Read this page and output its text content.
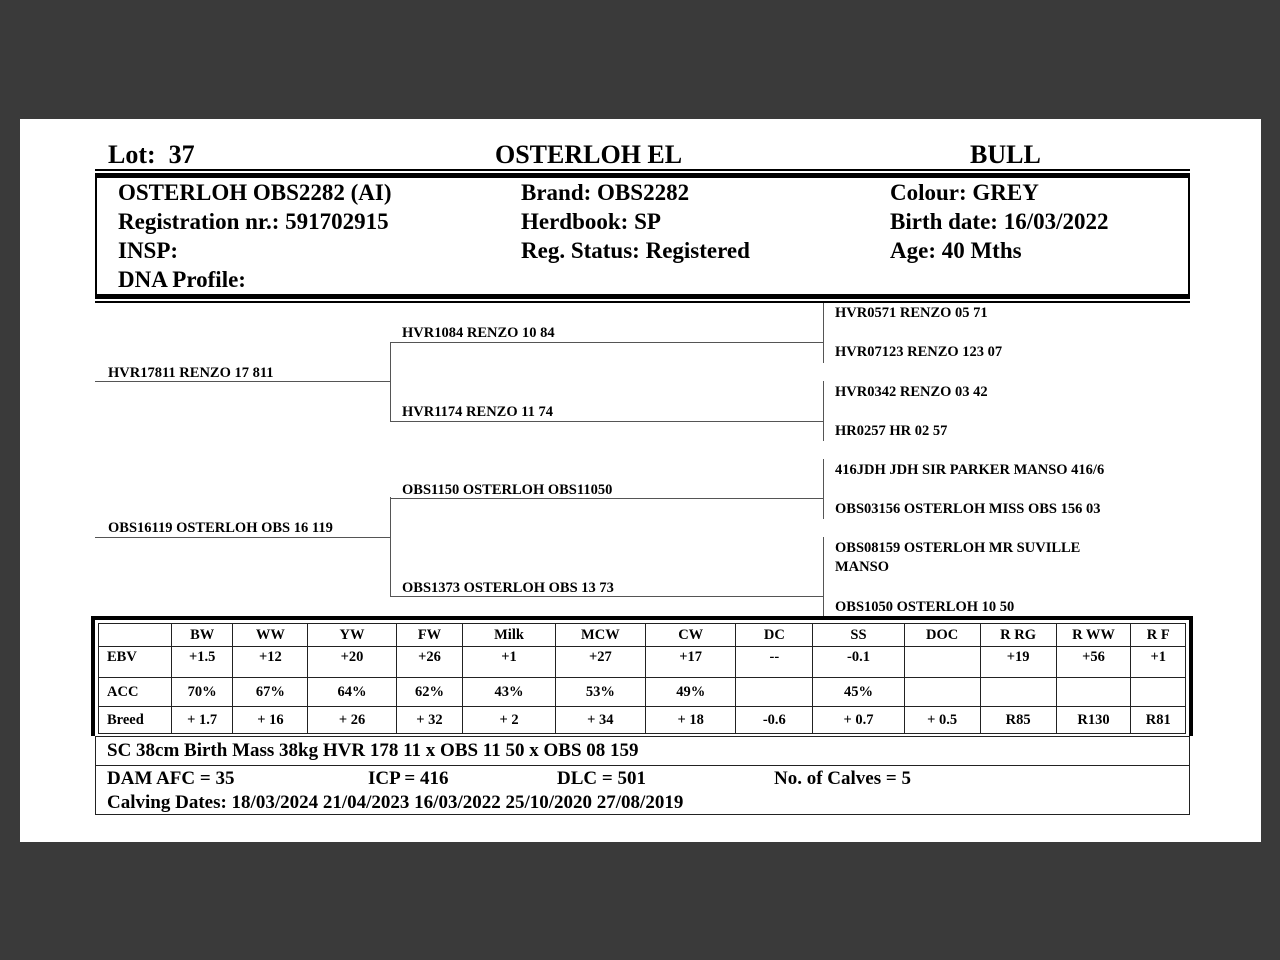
Lot: 37	OSTERLOH EL	BULL
OSTERLOH OBS2282 (AI)
Registration nr.: 591702915
INSP:
DNA Profile:
Brand: OBS2282
Herdbook: SP
Reg. Status: Registered
Colour: GREY
Birth date: 16/03/2022
Age: 40 Mths
HVR17811 RENZO 17 811
OBS16119 OSTERLOH OBS 16 119
HVR1084 RENZO 10 84
HVR1174 RENZO 11 74
OBS1150 OSTERLOH OBS11050
OBS1373 OSTERLOH OBS 13 73
HVR0571 RENZO 05 71
HVR07123 RENZO 123 07
HVR0342 RENZO 03 42
HR0257 HR 02 57
416JDH JDH SIR PARKER MANSO 416/6
OBS03156 OSTERLOH MISS OBS 156 03
OBS08159 OSTERLOH MR SUVILLE
MANSO
OBS1050 OSTERLOH 10 50
	BW	WW	YW	FW	Milk	MCW	CW	DC	SS	DOC	R RG	R WW	R F
EBV	+1.5	+12	+20	+26	+1	+27	+17	--	-0.1		+19	+56	+1
ACC	70%	67%	64%	62%	43%	53%	49%		45%				
Breed	+ 1.7	+ 16	+ 26	+ 32	+ 2	+ 34	+ 18	-0.6	+ 0.7	+ 0.5	R85	R130	R81
SC 38cm Birth Mass 38kg HVR 178 11 x OBS 11 50 x OBS 08 159
DAM AFC = 35	ICP = 416	DLC = 501	No. of Calves = 5
Calving Dates: 18/03/2024 21/04/2023 16/03/2022 25/10/2020 27/08/2019
